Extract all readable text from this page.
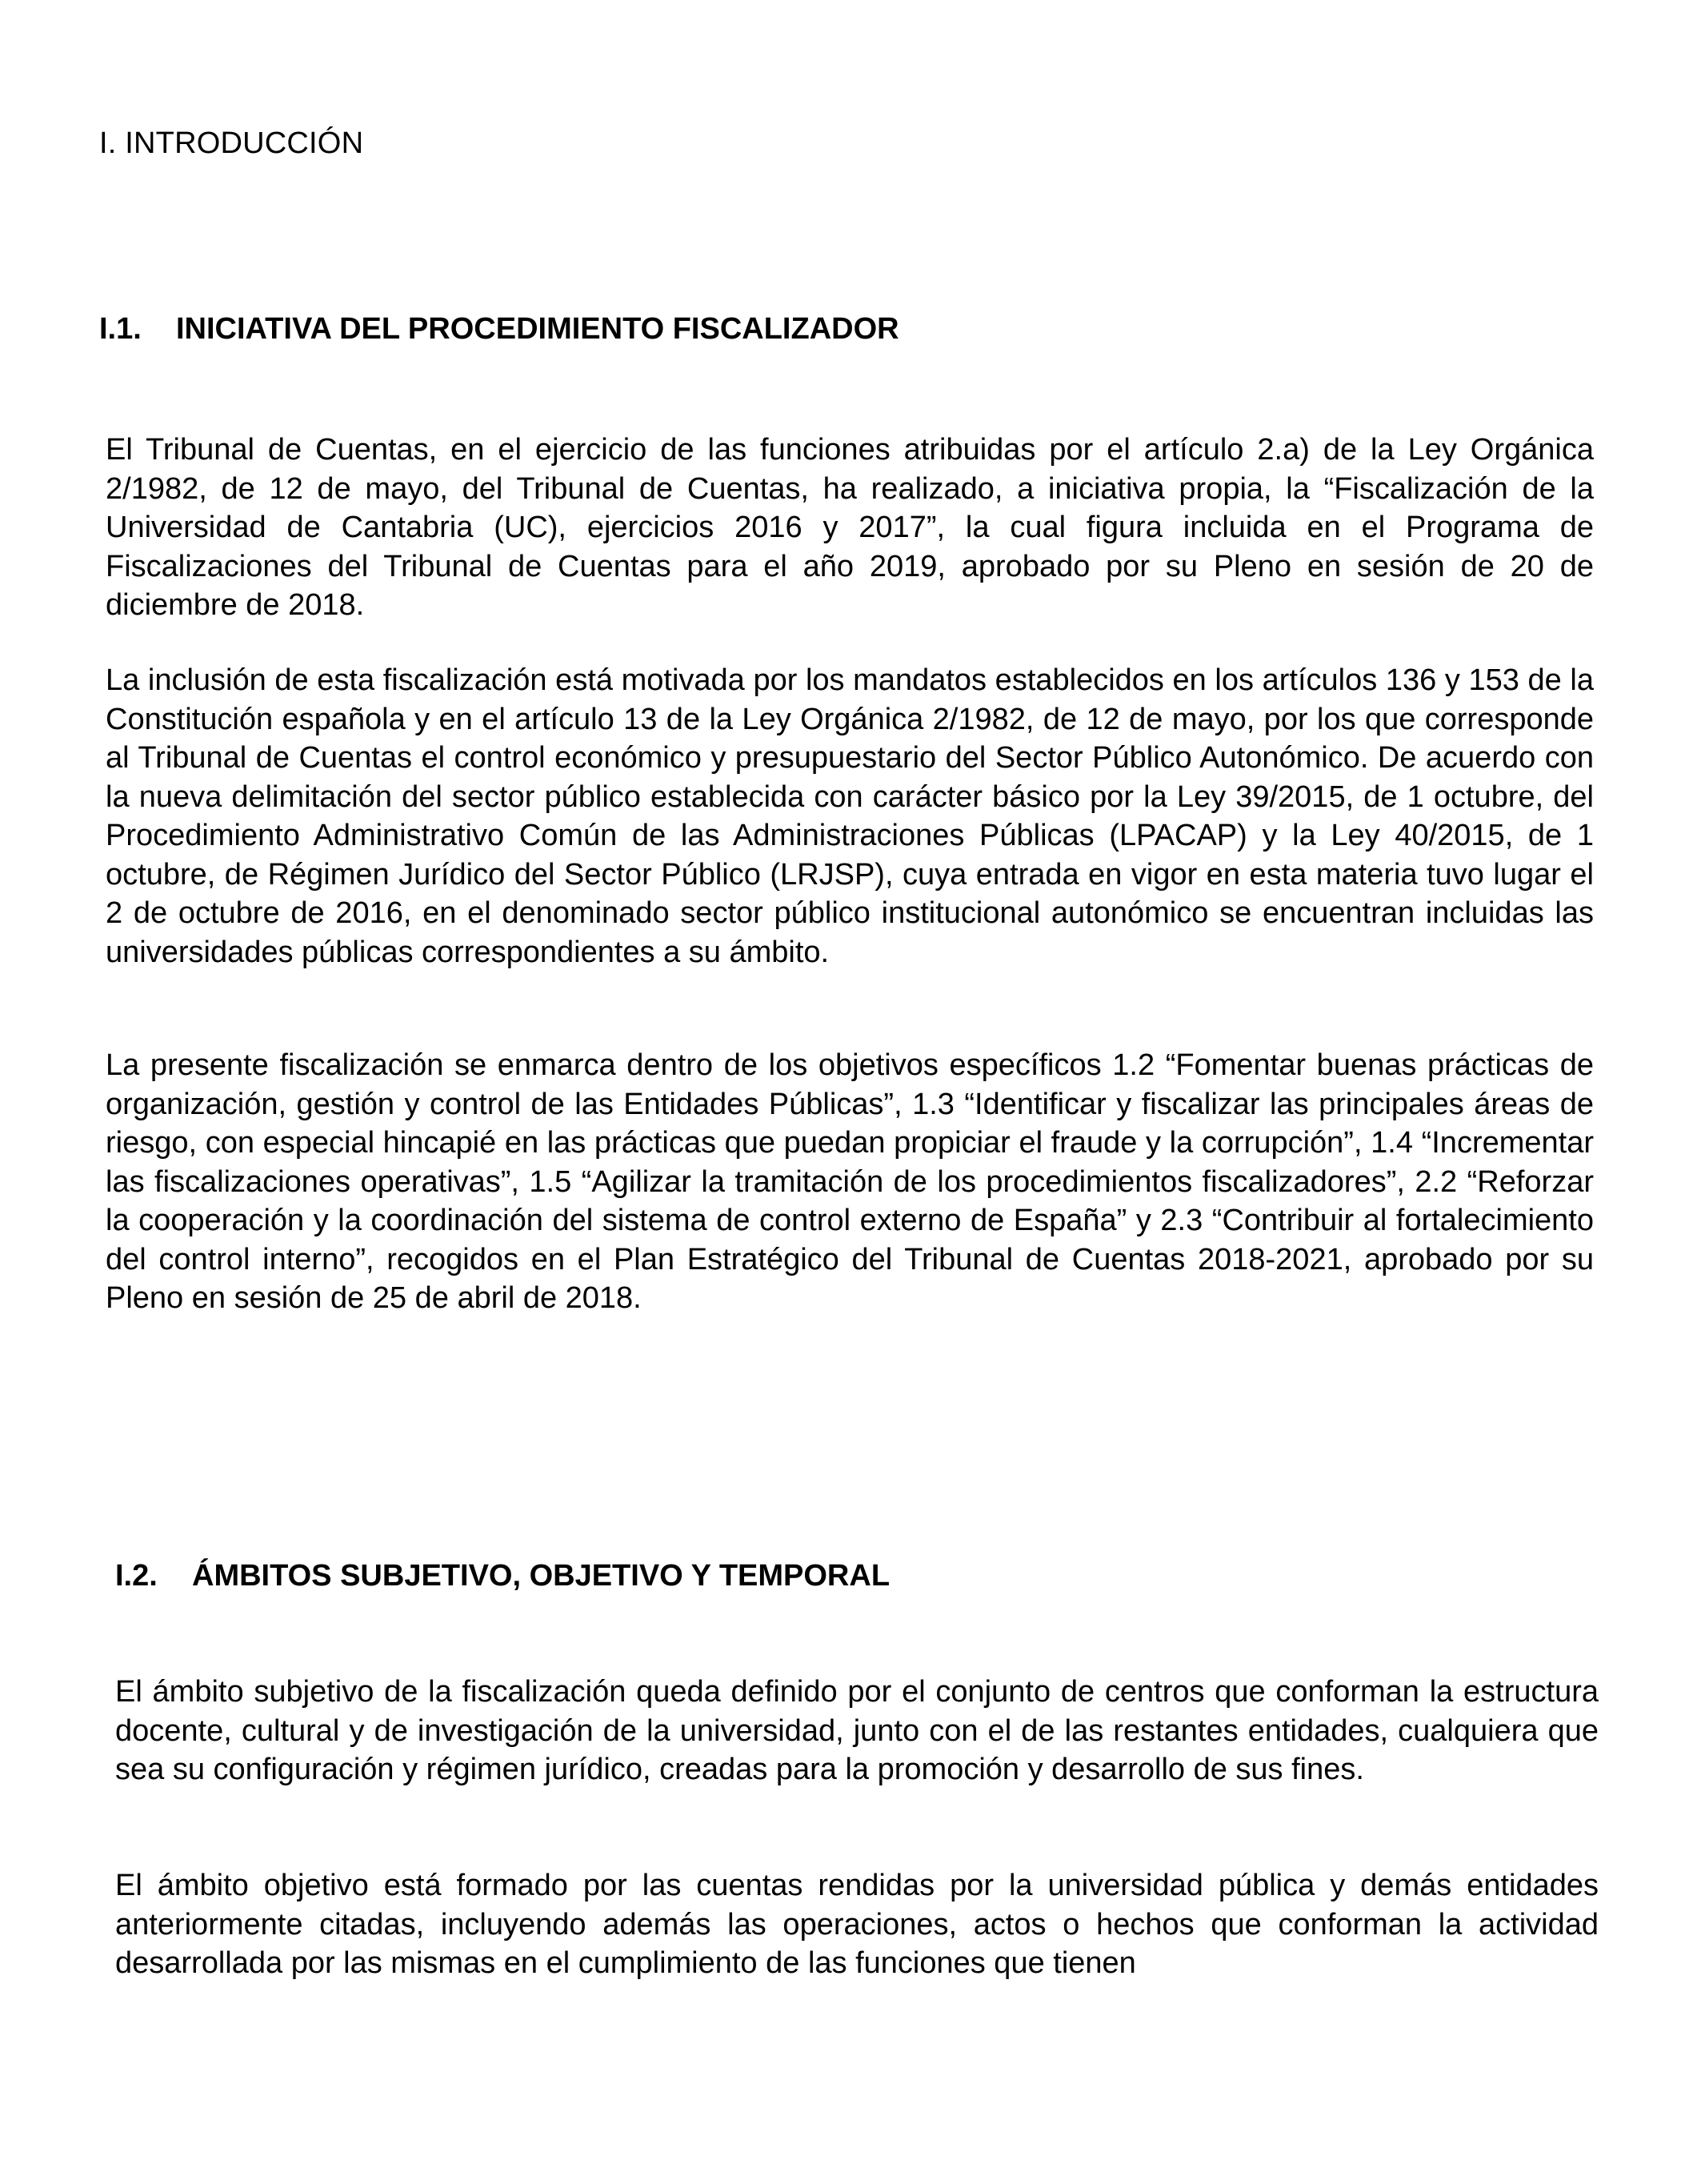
I. INTRODUCCIÓN
I.1. INICIATIVA DEL PROCEDIMIENTO FISCALIZADOR

El Tribunal de Cuentas, en el ejercicio de las funciones atribuidas por el artículo 2.a) de la Ley Orgánica 2/1982, de 12 de mayo, del Tribunal de Cuentas, ha realizado, a iniciativa propia, la “Fiscalización de la Universidad de Cantabria (UC), ejercicios 2016 y 2017”, la cual figura incluida en el Programa de Fiscalizaciones del Tribunal de Cuentas para el año 2019, aprobado por su Pleno en sesión de 20 de diciembre de 2018.

La inclusión de esta fiscalización está motivada por los mandatos establecidos en los artículos 136 y 153 de la Constitución española y en el artículo 13 de la Ley Orgánica 2/1982, de 12 de mayo, por los que corresponde al Tribunal de Cuentas el control económico y presupuestario del Sector Público Autonómico. De acuerdo con la nueva delimitación del sector público establecida con carácter básico por la Ley 39/2015, de 1 octubre, del Procedimiento Administrativo Común de las Administraciones Públicas (LPACAP) y la Ley 40/2015, de 1 octubre, de Régimen Jurídico del Sector Público (LRJSP), cuya entrada en vigor en esta materia tuvo lugar el 2 de octubre de 2016, en el denominado sector público institucional autonómico se encuentran incluidas las universidades públicas correspondientes a su ámbito.

La presente fiscalización se enmarca dentro de los objetivos específicos 1.2 “Fomentar buenas prácticas de organización, gestión y control de las Entidades Públicas”, 1.3 “Identificar y fiscalizar las principales áreas de riesgo, con especial hincapié en las prácticas que puedan propiciar el fraude y la corrupción”, 1.4 “Incrementar las fiscalizaciones operativas”, 1.5 “Agilizar la tramitación de los procedimientos fiscalizadores”, 2.2 “Reforzar la cooperación y la coordinación del sistema de control externo de España” y 2.3 “Contribuir al fortalecimiento del control interno”, recogidos en el Plan Estratégico del Tribunal de Cuentas 2018-2021, aprobado por su Pleno en sesión de 25 de abril de 2018.

I.2. ÁMBITOS SUBJETIVO, OBJETIVO Y TEMPORAL

El ámbito subjetivo de la fiscalización queda definido por el conjunto de centros que conforman la estructura docente, cultural y de investigación de la universidad, junto con el de las restantes entidades, cualquiera que sea su configuración y régimen jurídico, creadas para la promoción y desarrollo de sus fines.

El ámbito objetivo está formado por las cuentas rendidas por la universidad pública y demás entidades anteriormente citadas, incluyendo además las operaciones, actos o hechos que conforman la actividad desarrollada por las mismas en el cumplimiento de las funciones que tienen
